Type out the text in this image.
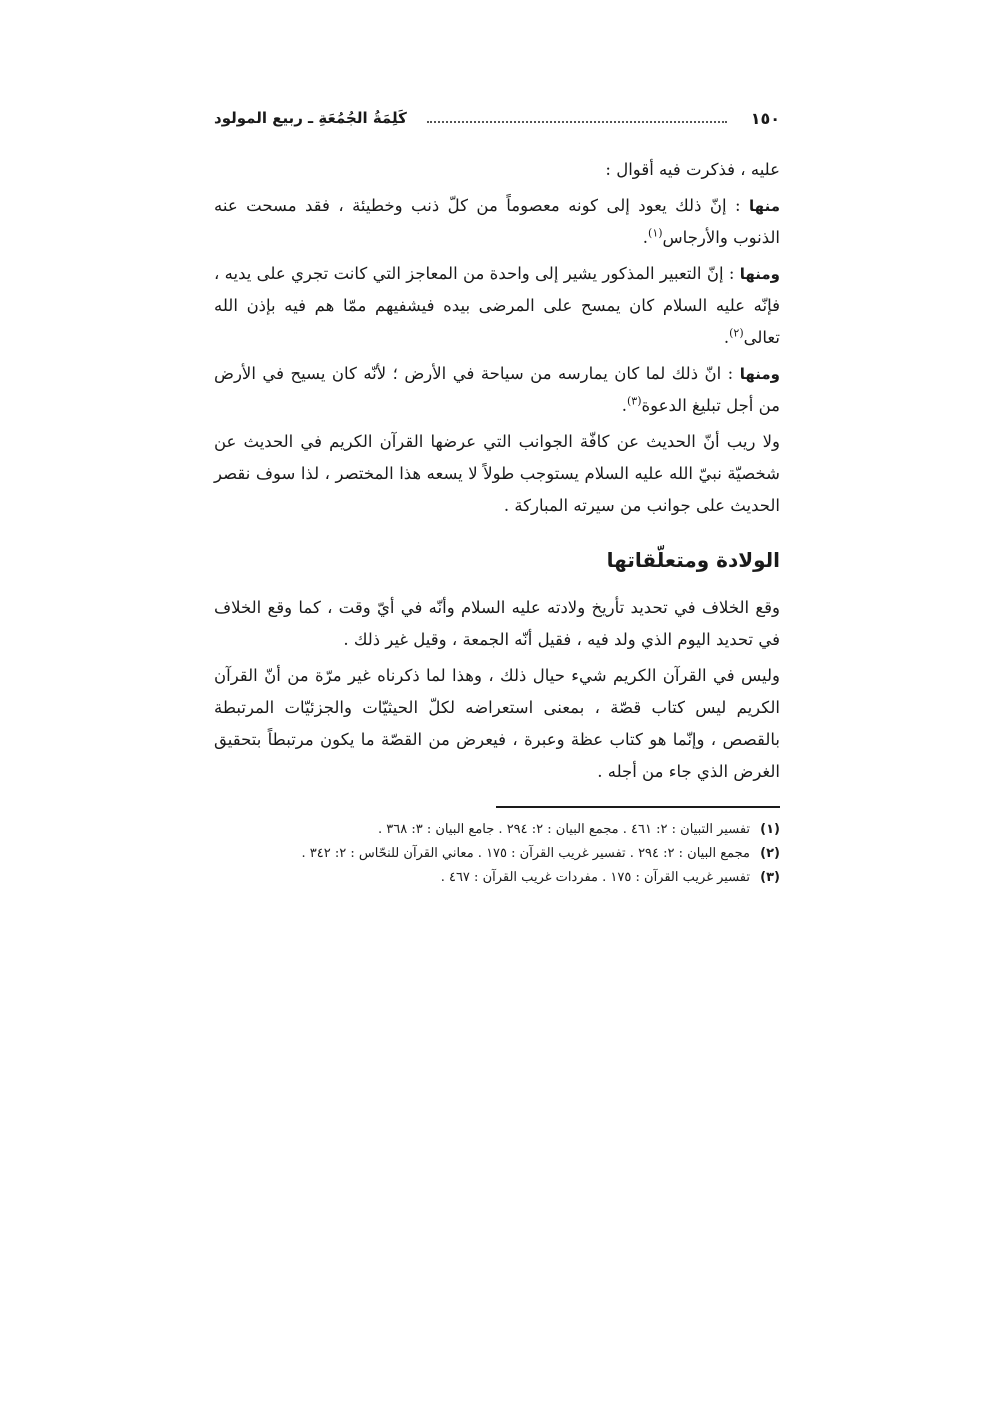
١٥٠
كَلِمَةُ الجُمُعَةِ ـ ربيع المولود

عليه ، فذكرت فيه أقوال :

منها : إنّ ذلك يعود إلى كونه معصوماً من كلّ ذنب وخطيئة ، فقد مسحت عنه الذنوب والأرجاس$^{(١)}$.

ومنها : إنّ التعبير المذكور يشير إلى واحدة من المعاجز التي كانت تجري على يديه ، فإنّه عليه السلام كان يمسح على المرضى بيده فيشفيهم ممّا هم فيه بإذن الله تعالى$^{(٢)}$.

ومنها : انّ ذلك لما كان يمارسه من سياحة في الأرض ؛ لأنّه كان يسيح في الأرض من أجل تبليغ الدعوة$^{(٣)}$.

ولا ريب أنّ الحديث عن كافّة الجوانب التي عرضها القرآن الكريم في الحديث عن شخصيّة نبيّ الله عليه السلام يستوجب طولاً لا يسعه هذا المختصر ، لذا سوف نقصر الحديث على جوانب من سيرته المباركة .

الولادة ومتعلّقاتها

وقع الخلاف في تحديد تأريخ ولادته عليه السلام وأنّه في أيّ وقت ، كما وقع الخلاف في تحديد اليوم الذي ولد فيه ، فقيل أنّه الجمعة ، وقيل غير ذلك .

وليس في القرآن الكريم شيء حيال ذلك ، وهذا لما ذكرناه غير مرّة من أنّ القرآن الكريم ليس كتاب قصّة ، بمعنى استعراضه لكلّ الحيثيّات والجزئيّات المرتبطة بالقصص ، وإنّما هو كتاب عظة وعبرة ، فيعرض من القصّة ما يكون مرتبطاً بتحقيق الغرض الذي جاء من أجله .

(١) تفسير التبيان : ٢: ٤٦١ . مجمع البيان : ٢: ٢٩٤ . جامع البيان : ٣: ٣٦٨ .
(٢) مجمع البيان : ٢: ٢٩٤ . تفسير غريب القرآن : ١٧٥ . معاني القرآن للنحّاس : ٢: ٣٤٢ .
(٣) تفسير غريب القرآن : ١٧٥ . مفردات غريب القرآن : ٤٦٧ .
